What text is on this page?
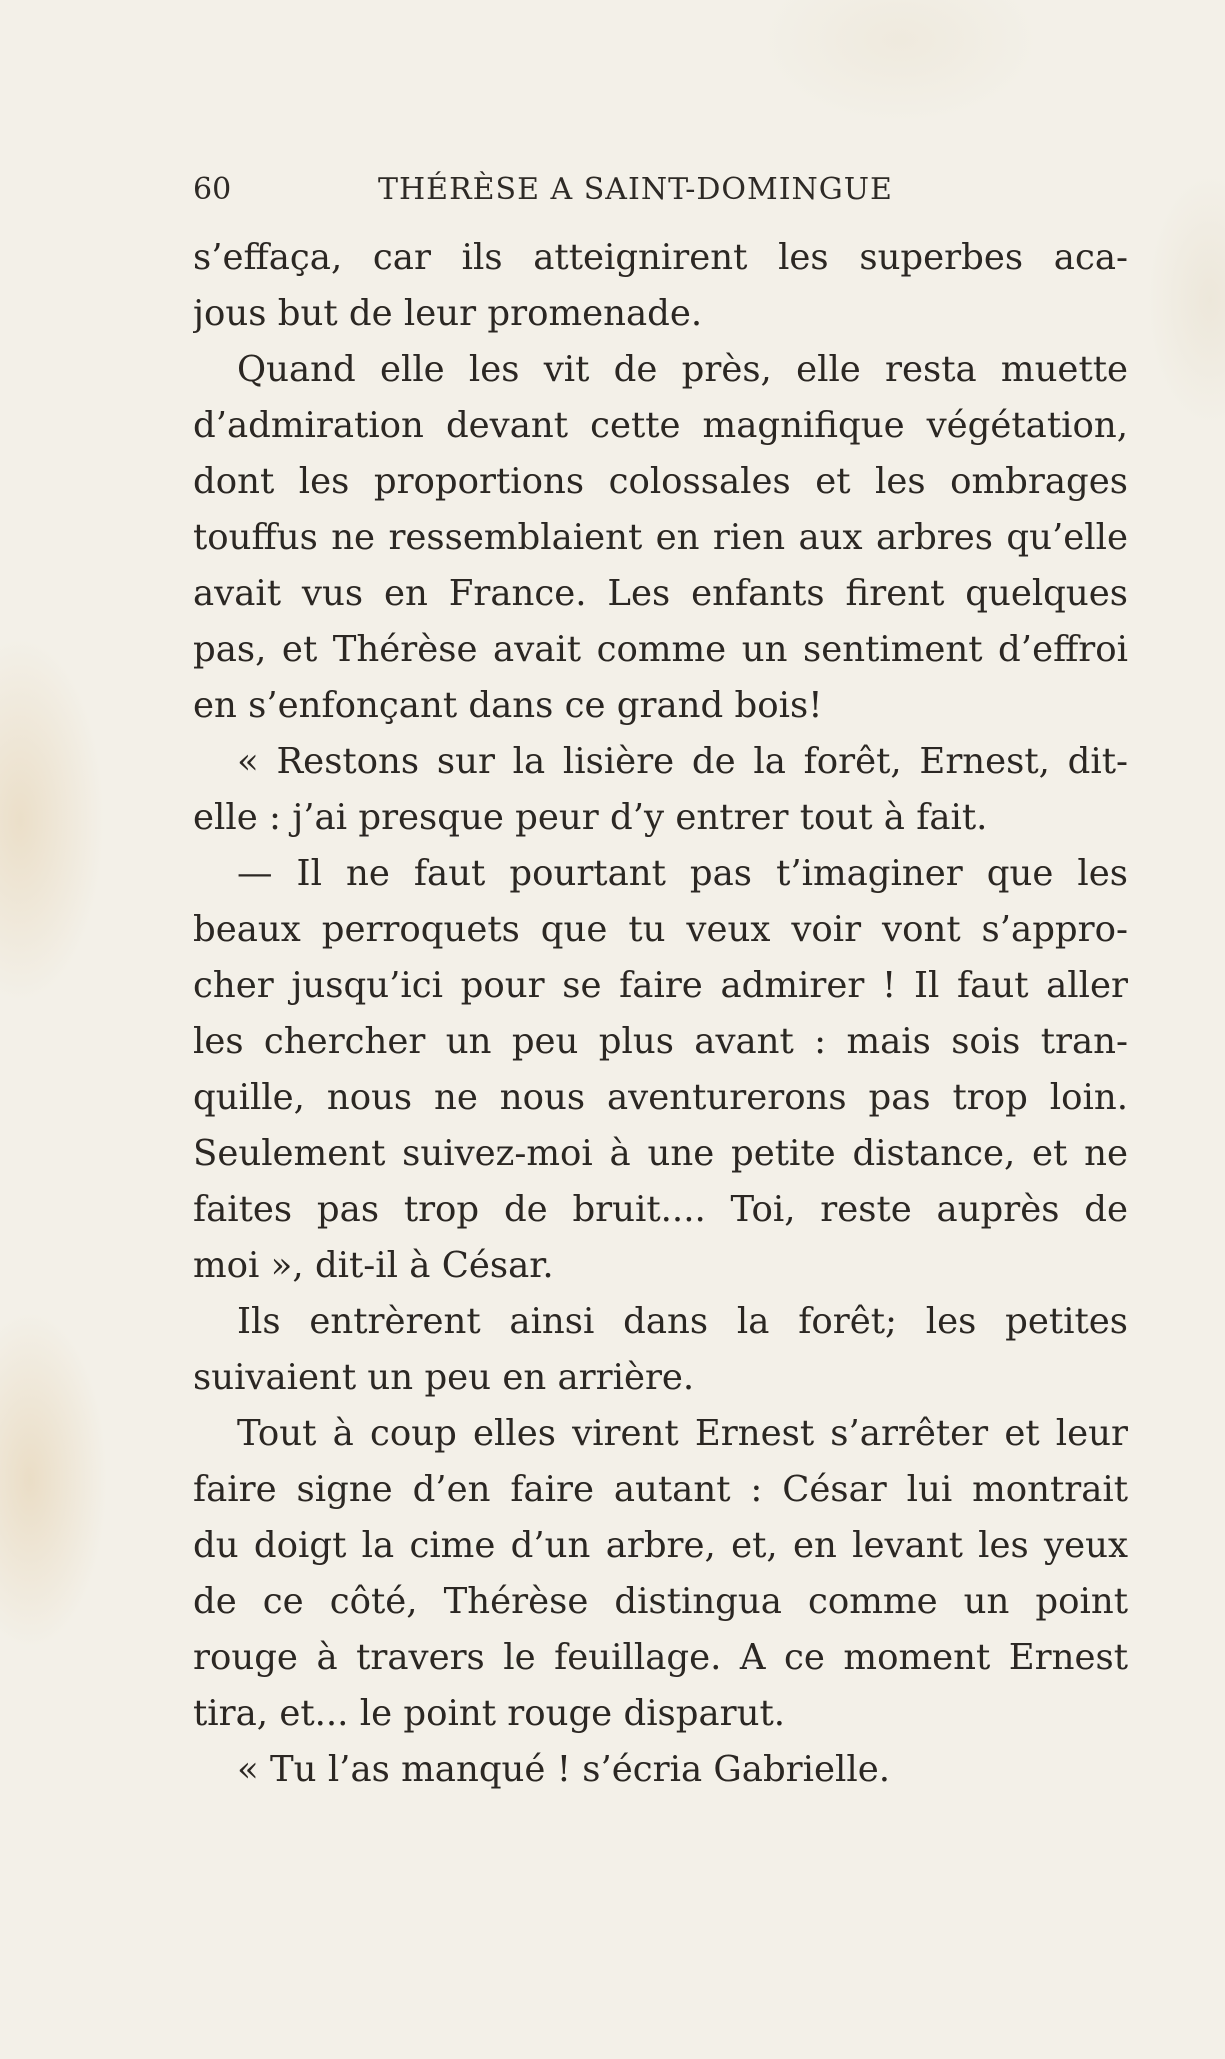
60	THÉRÈSE A SAINT-DOMINGUE
s’effaça, car ils atteignirent les superbes aca-
jous but de leur promenade.
Quand elle les vit de près, elle resta muette
d’admiration devant cette magnifique végétation,
dont les proportions colossales et les ombrages
touffus ne ressemblaient en rien aux arbres qu’elle
avait vus en France. Les enfants firent quelques
pas, et Thérèse avait comme un sentiment d’effroi
en s’enfonçant dans ce grand bois!
« Restons sur la lisière de la forêt, Ernest, dit-
elle : j’ai presque peur d’y entrer tout à fait.
— Il ne faut pourtant pas t’imaginer que les
beaux perroquets que tu veux voir vont s’appro-
cher jusqu’ici pour se faire admirer ! Il faut aller
les chercher un peu plus avant : mais sois tran-
quille, nous ne nous aventurerons pas trop loin.
Seulement suivez-moi à une petite distance, et ne
faites pas trop de bruit.... Toi, reste auprès de
moi », dit-il à César.
Ils entrèrent ainsi dans la forêt; les petites
suivaient un peu en arrière.
Tout à coup elles virent Ernest s’arrêter et leur
faire signe d’en faire autant : César lui montrait
du doigt la cime d’un arbre, et, en levant les yeux
de ce côté, Thérèse distingua comme un point
rouge à travers le feuillage. A ce moment Ernest
tira, et... le point rouge disparut.
« Tu l’as manqué ! s’écria Gabrielle.
